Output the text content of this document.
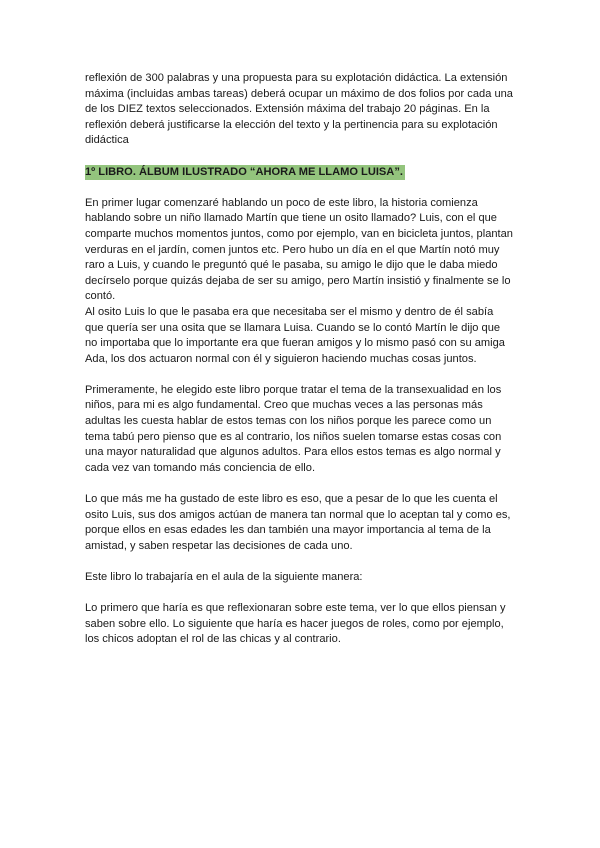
reflexión de 300 palabras y una propuesta para su explotación didáctica. La extensión
máxima (incluidas ambas tareas) deberá ocupar un máximo de dos folios por cada una
de los DIEZ textos seleccionados. Extensión máxima del trabajo 20 páginas. En la
reflexión deberá justificarse la elección del texto y la pertinencia para su explotación
didáctica
1º LIBRO. ÁLBUM ILUSTRADO “AHORA ME LLAMO LUISA”.
En primer lugar comenzaré hablando un poco de este libro, la historia comienza
hablando sobre un niño llamado Martín que tiene un osito llamado? Luis, con el que
comparte muchos momentos juntos, como por ejemplo, van en bicicleta juntos, plantan
verduras en el jardín, comen juntos etc. Pero hubo un día en el que Martín notó muy
raro a Luis, y cuando le preguntó qué le pasaba, su amigo le dijo que le daba miedo
decírselo porque quizás dejaba de ser su amigo, pero Martín insistió y finalmente se lo
contó.
Al osito Luis lo que le pasaba era que necesitaba ser el mismo y dentro de él sabía
que quería ser una osita que se llamara Luisa. Cuando se lo contó Martín le dijo que
no importaba que lo importante era que fueran amigos y lo mismo pasó con su amiga
Ada, los dos actuaron normal con él y siguieron haciendo muchas cosas juntos.
Primeramente, he elegido este libro porque tratar el tema de la transexualidad en los
niños, para mi es algo fundamental. Creo que muchas veces a las personas más
adultas les cuesta hablar de estos temas con los niños porque les parece como un
tema tabú pero pienso que es al contrario, los niños suelen tomarse estas cosas con
una mayor naturalidad que algunos adultos. Para ellos estos temas es algo normal y
cada vez van tomando más conciencia de ello.
Lo que más me ha gustado de este libro es eso, que a pesar de lo que les cuenta el
osito Luis, sus dos amigos actúan de manera tan normal que lo aceptan tal y como es,
porque ellos en esas edades les dan también una mayor importancia al tema de la
amistad, y saben respetar las decisiones de cada uno.
Este libro lo trabajaría en el aula de la siguiente manera:
Lo primero que haría es que reflexionaran sobre este tema, ver lo que ellos piensan y
saben sobre ello. Lo siguiente que haría es hacer juegos de roles, como por ejemplo,
los chicos adoptan el rol de las chicas y al contrario.
